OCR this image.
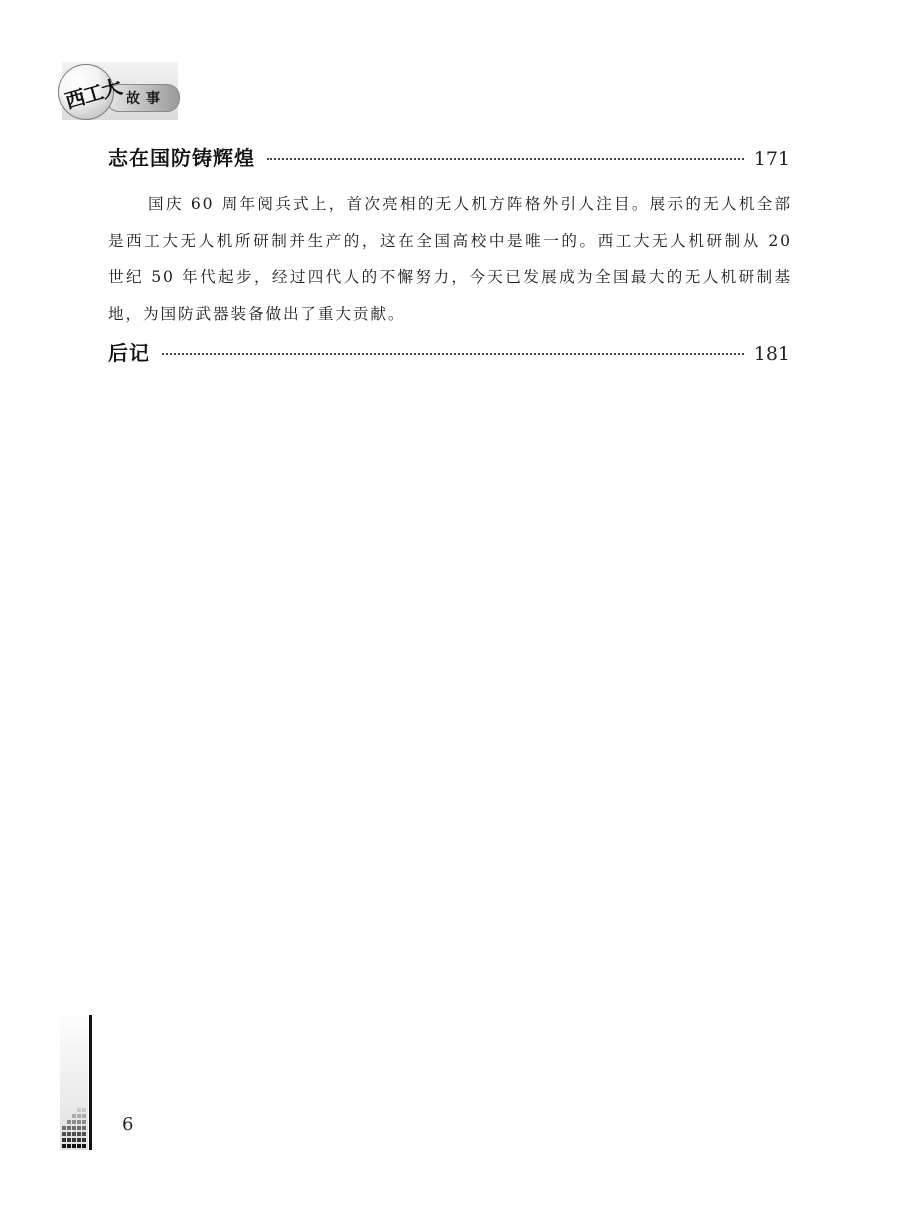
故事
西工大
志在国防铸辉煌	171

国庆 60 周年阅兵式上，首次亮相的无人机方阵格外引人注目。展示的无人机全部是西工大无人机所研制并生产的，这在全国高校中是唯一的。西工大无人机研制从 20 世纪 50 年代起步，经过四代人的不懈努力，今天已发展成为全国最大的无人机研制基地，为国防武器装备做出了重大贡献。

后记	181
6
